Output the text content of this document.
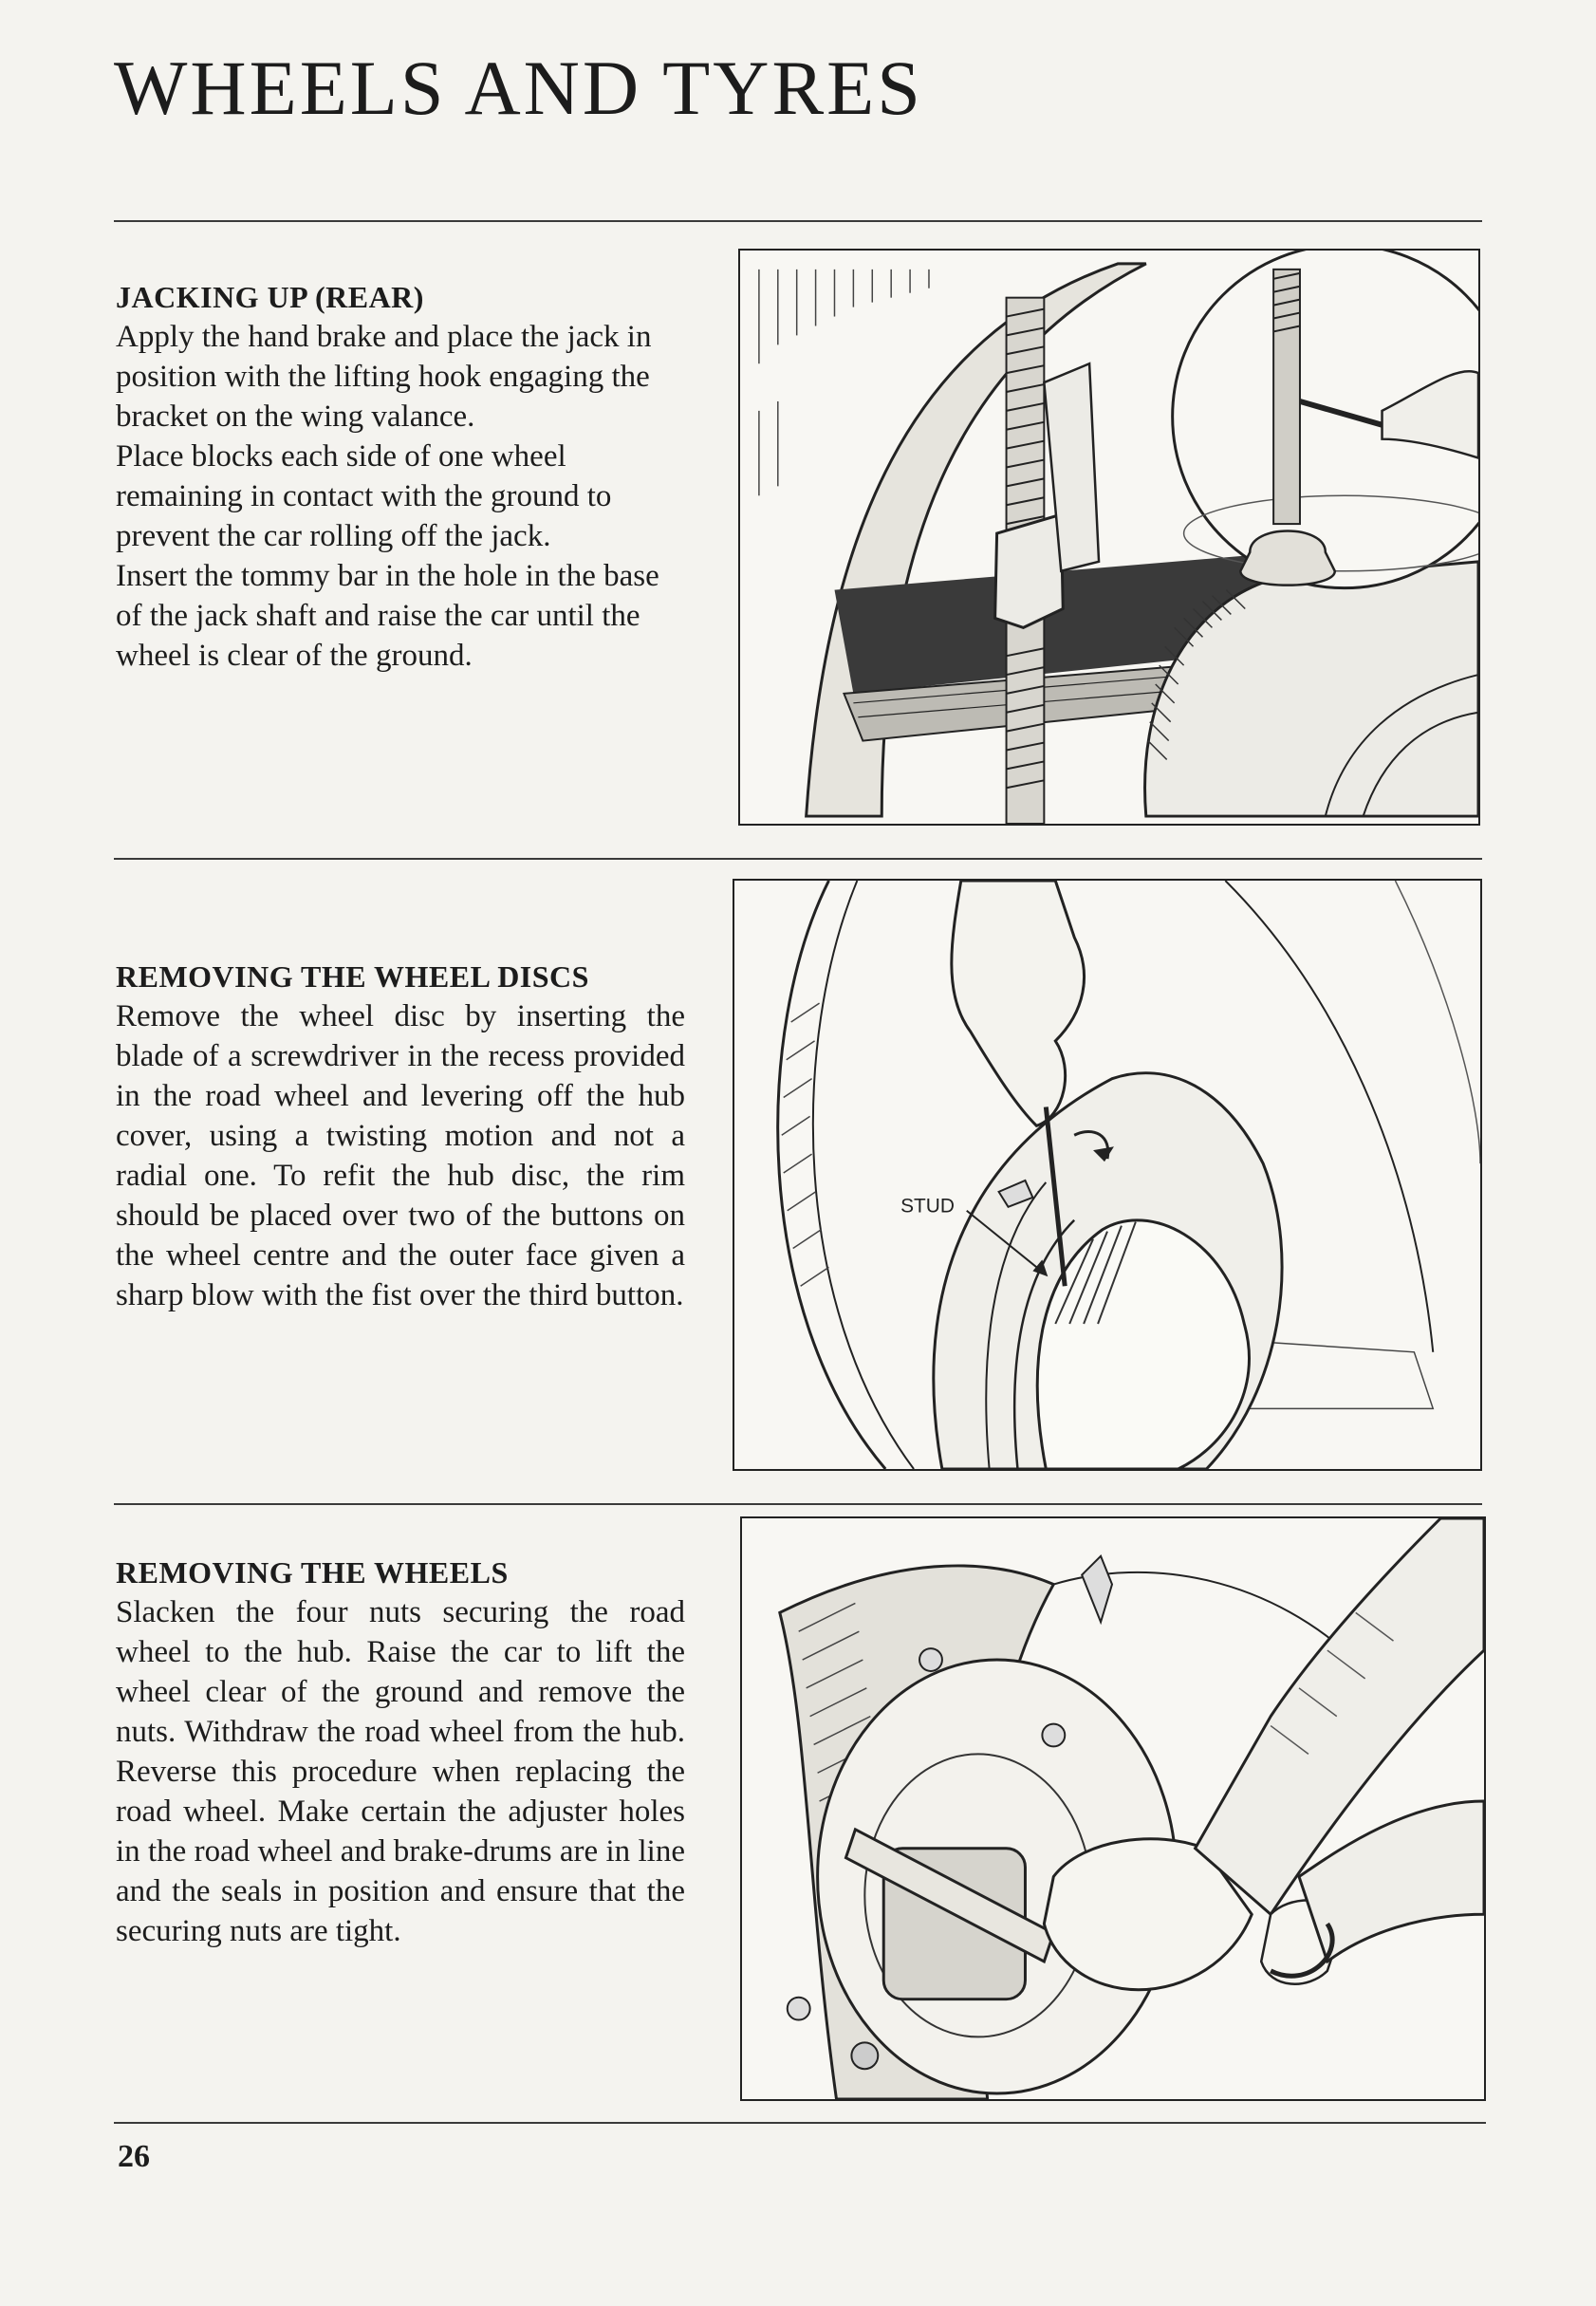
WHEELS AND TYRES
JACKING UP (REAR)
Apply the hand brake and place the jack in position with the lifting hook engaging the bracket on the wing valance.
Place blocks each side of one wheel remaining in contact with the ground to prevent the car rolling off the jack.
Insert the tommy bar in the hole in the base of the jack shaft and raise the car until the wheel is clear of the ground.
REMOVING THE WHEEL DISCS
Remove the wheel disc by inserting the blade of a screwdriver in the recess provided in the road wheel and levering off the hub cover, using a twisting motion and not a radial one. To refit the hub disc, the rim should be placed over two of the buttons on the wheel centre and the outer face given a sharp blow with the fist over the third button.
STUD
REMOVING THE WHEELS
Slacken the four nuts securing the road wheel to the hub. Raise the car to lift the wheel clear of the ground and remove the nuts. Withdraw the road wheel from the hub. Reverse this procedure when replacing the road wheel. Make certain the adjuster holes in the road wheel and brake-drums are in line and the seals in position and ensure that the securing nuts are tight.
26
